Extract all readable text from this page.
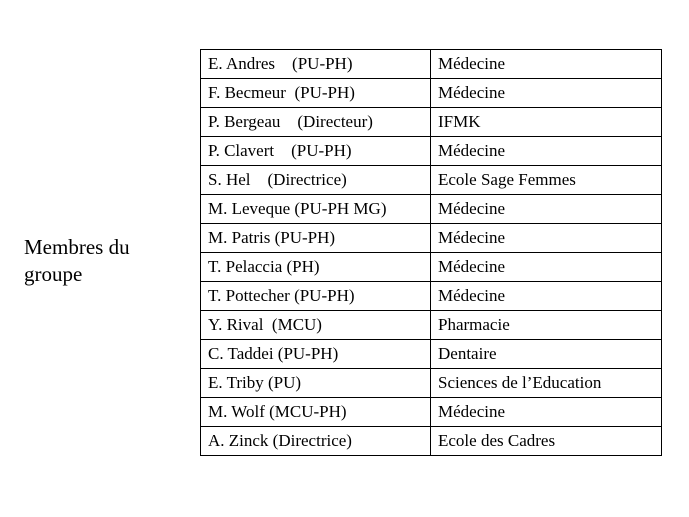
Membres du
groupe
E. Andres    (PU-PH)	Médecine
F. Becmeur  (PU-PH)	Médecine
P. Bergeau    (Directeur)	IFMK
P. Clavert    (PU-PH)	Médecine
S. Hel    (Directrice)	Ecole Sage Femmes
M. Leveque (PU-PH MG)	Médecine
M. Patris (PU-PH)	Médecine
T. Pelaccia (PH)	Médecine
T. Pottecher (PU-PH)	Médecine
Y. Rival  (MCU)	Pharmacie
C. Taddei (PU-PH)	Dentaire
E. Triby (PU)	Sciences de l’Education
M. Wolf (MCU-PH)	Médecine
A. Zinck (Directrice)	Ecole des Cadres
